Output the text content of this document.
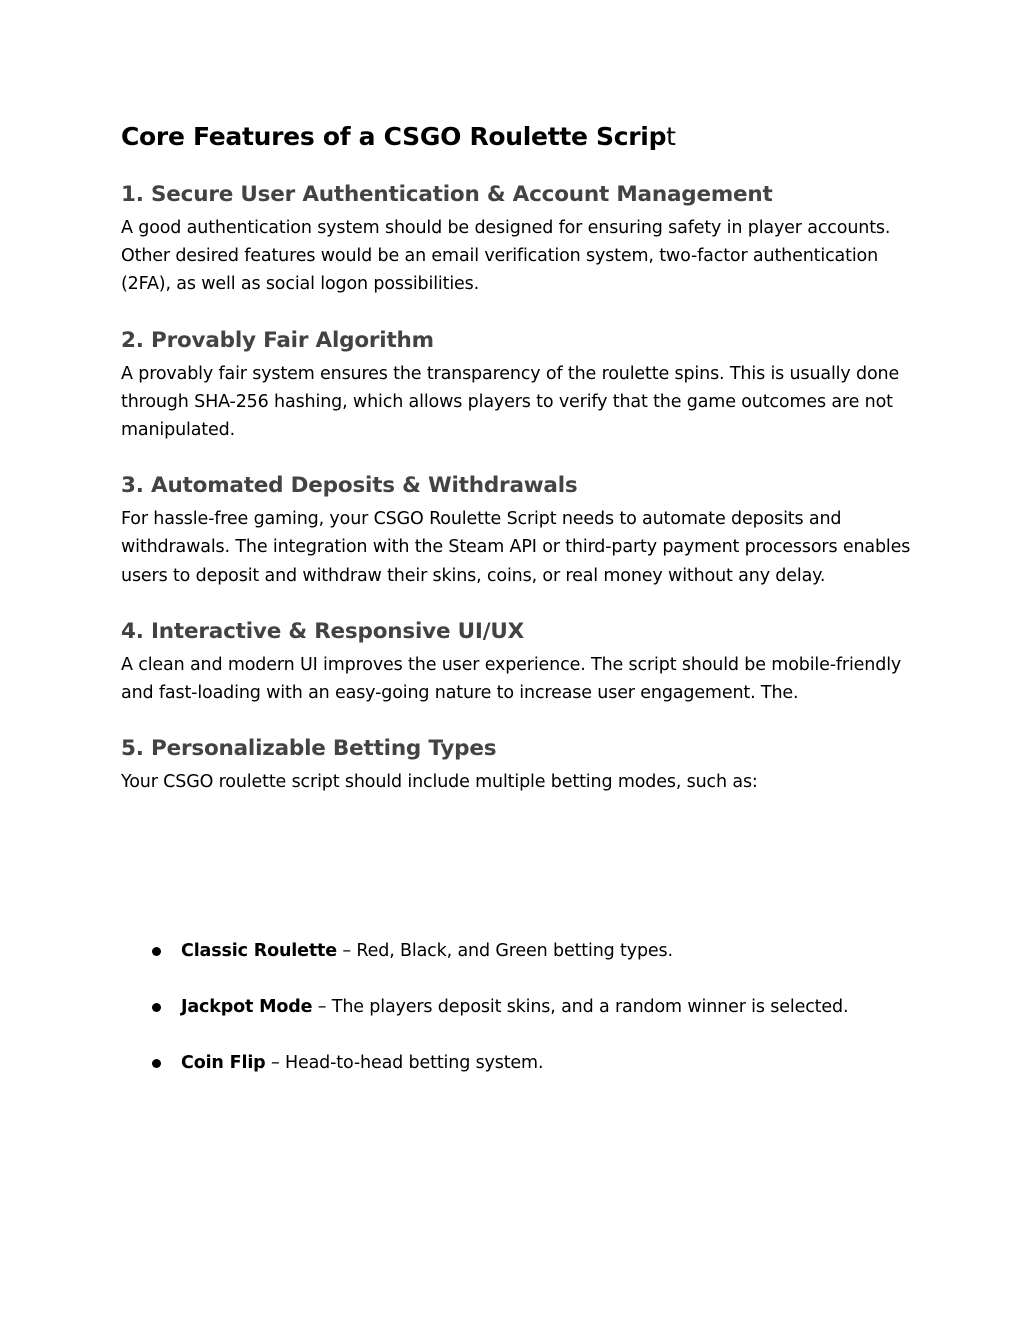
Core Features of a CSGO Roulette Script
1. Secure User Authentication & Account Management

A good authentication system should be designed for ensuring safety in player accounts. Other desired features would be an email verification system, two-factor authentication (2FA), as well as social logon possibilities.

2. Provably Fair Algorithm

A provably fair system ensures the transparency of the roulette spins. This is usually done through SHA-256 hashing, which allows players to verify that the game outcomes are not manipulated.

3. Automated Deposits & Withdrawals

For hassle-free gaming, your CSGO Roulette Script needs to automate deposits and withdrawals. The integration with the Steam API or third-party payment processors enables users to deposit and withdraw their skins, coins, or real money without any delay.

4. Interactive & Responsive UI/UX

A clean and modern UI improves the user experience. The script should be mobile-friendly and fast-loading with an easy-going nature to increase user engagement. The.

5. Personalizable Betting Types

Your CSGO roulette script should include multiple betting modes, such as:

Classic Roulette – Red, Black, and Green betting types.
Jackpot Mode – The players deposit skins, and a random winner is selected.
Coin Flip – Head-to-head betting system.
